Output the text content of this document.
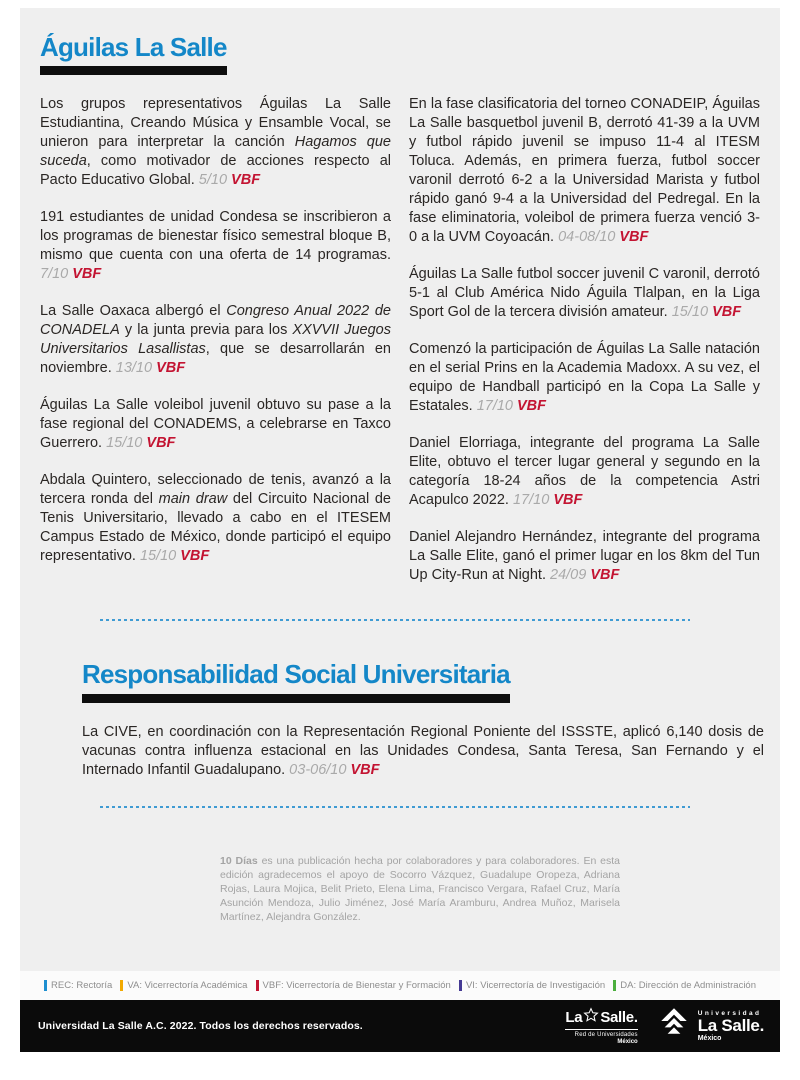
Águilas La Salle

Los grupos representativos Águilas La Salle Estudiantina, Creando Música y Ensamble Vocal, se unieron para interpretar la canción Hagamos que suceda, como motivador de acciones respecto al Pacto Educativo Global. 5/10 VBF

191 estudiantes de unidad Condesa se inscribieron a los programas de bienestar físico semestral bloque B, mismo que cuenta con una oferta de 14 programas. 7/10 VBF

La Salle Oaxaca albergó el Congreso Anual 2022 de CONADELA y la junta previa para los XXVVII Juegos Universitarios Lasallistas, que se desarrollarán en noviembre. 13/10 VBF

Águilas La Salle voleibol juvenil obtuvo su pase a la fase regional del CONADEMS, a celebrarse en Taxco Guerrero. 15/10 VBF

Abdala Quintero, seleccionado de tenis, avanzó a la tercera ronda del main draw del Circuito Nacional de Tenis Universitario, llevado a cabo en el ITESEM Campus Estado de México, donde participó el equipo representativo. 15/10 VBF

En la fase clasificatoria del torneo CONADEIP, Águilas La Salle basquetbol juvenil B, derrotó 41-39 a la UVM y futbol rápido juvenil se impuso 11-4 al ITESM Toluca. Además, en primera fuerza, futbol soccer varonil derrotó 6-2 a la Universidad Marista y futbol rápido ganó 9-4 a la Universidad del Pedregal. En la fase eliminatoria, voleibol de primera fuerza venció 3-0 a la UVM Coyoacán. 04-08/10 VBF

Águilas La Salle futbol soccer juvenil C varonil, derrotó 5-1 al Club América Nido Águila Tlalpan, en la Liga Sport Gol de la tercera división amateur. 15/10 VBF

Comenzó la participación de Águilas La Salle natación en el serial Prins en la Academia Madoxx. A su vez, el equipo de Handball participó en la Copa La Salle y Estatales. 17/10 VBF

Daniel Elorriaga, integrante del programa La Salle Elite, obtuvo el tercer lugar general y segundo en la categoría 18-24 años de la competencia Astri Acapulco 2022. 17/10 VBF

Daniel Alejandro Hernández, integrante del programa La Salle Elite, ganó el primer lugar en los 8km del Tun Up City-Run at Night. 24/09 VBF

Responsabilidad Social Universitaria

La CIVE, en coordinación con la Representación Regional Poniente del ISSSTE, aplicó 6,140 dosis de vacunas contra influenza estacional en las Unidades Condesa, Santa Teresa, San Fernando y el Internado Infantil Guadalupano. 03-06/10 VBF

10 Días es una publicación hecha por colaboradores y para colaboradores. En esta edición agradecemos el apoyo de Socorro Vázquez, Guadalupe Oropeza, Adriana Rojas, Laura Mojica, Belit Prieto, Elena Lima, Francisco Vergara, Rafael Cruz, María Asunción Mendoza, Julio Jiménez, José María Aramburu, Andrea Muñoz, Marisela Martínez, Alejandra González.

REC: Rectoría VA: Vicerrectoría Académica VBF: Vicerrectoría de Bienestar y Formación VI: Vicerrectoría de Investigación DA: Dirección de Administración
Universidad La Salle A.C. 2022. Todos los derechos reservados.
La Salle.
Red de Universidades
México
Universidad
La Salle.
México
